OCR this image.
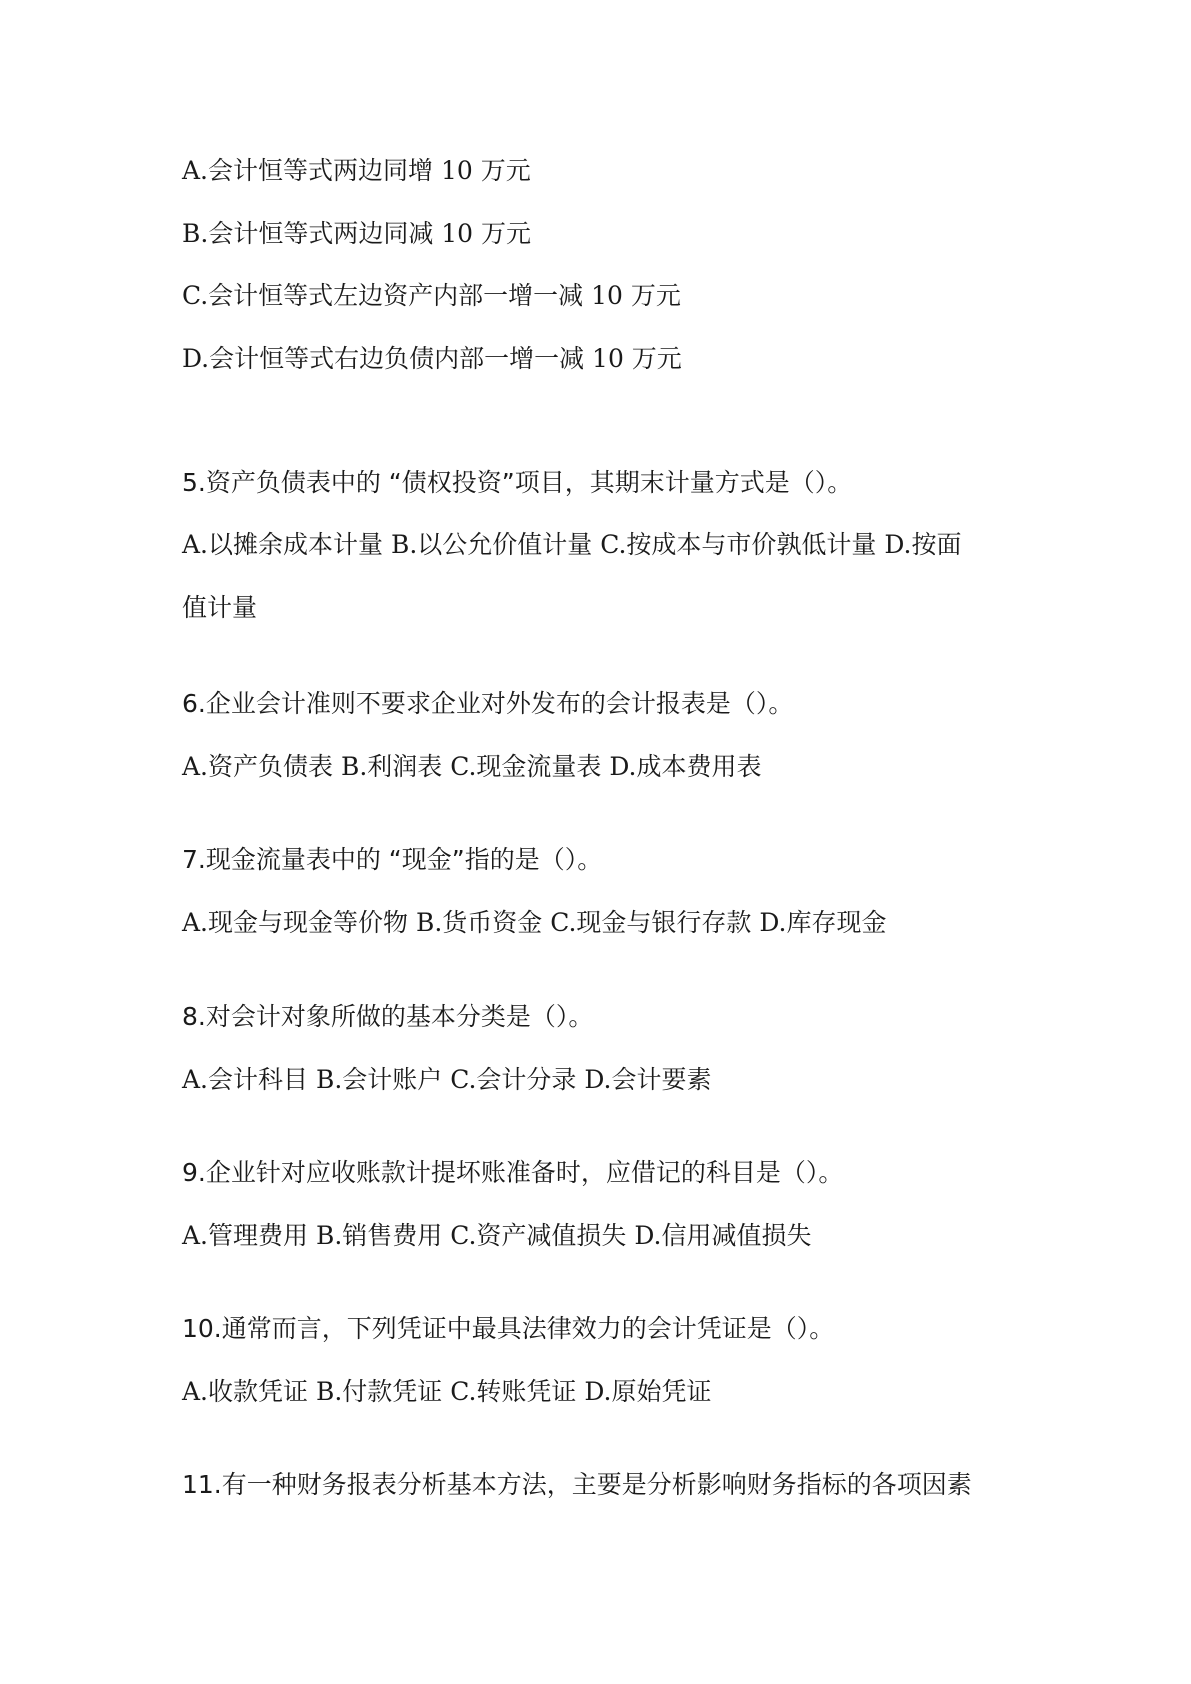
A.会计恒等式两边同增 10 万元

B.会计恒等式两边同减 10 万元

C.会计恒等式左边资产内部一增一减 10 万元

D.会计恒等式右边负债内部一增一减 10 万元

5.资产负债表中的 “债权投资”项目，其期末计量方式是（）。

A.以摊余成本计量 B.以公允价值计量 C.按成本与市价孰低计量 D.按面

值计量

6.企业会计准则不要求企业对外发布的会计报表是（）。

A.资产负债表 B.利润表 C.现金流量表 D.成本费用表

7.现金流量表中的 “现金”指的是（）。

A.现金与现金等价物 B.货币资金 C.现金与银行存款 D.库存现金

8.对会计对象所做的基本分类是（）。

A.会计科目 B.会计账户 C.会计分录 D.会计要素

9.企业针对应收账款计提坏账准备时，应借记的科目是（）。

A.管理费用 B.销售费用 C.资产减值损失 D.信用减值损失

10.通常而言，下列凭证中最具法律效力的会计凭证是（）。

A.收款凭证 B.付款凭证 C.转账凭证 D.原始凭证

11.有一种财务报表分析基本方法，主要是分析影响财务指标的各项因素
